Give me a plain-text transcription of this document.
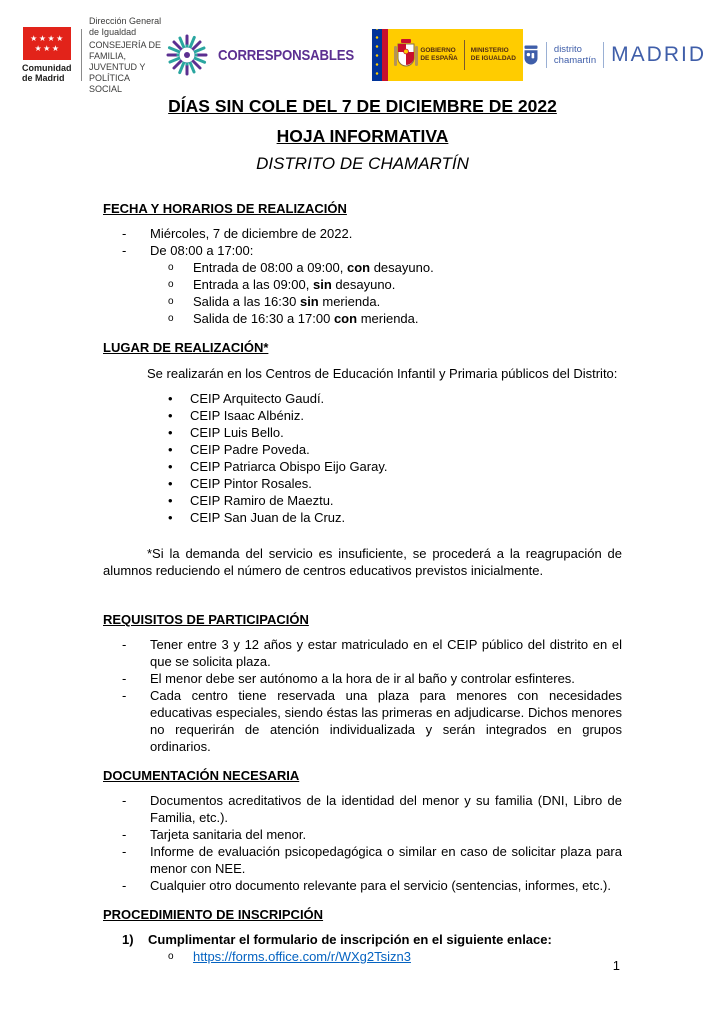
★★★★
★★★
Comunidad
de Madrid
Dirección General de Igualdad
CONSEJERÍA DE FAMILIA,
JUVENTUD Y POLÍTICA SOCIAL
CORRESPONSABLES	GOBIERNO
DE ESPAÑA
MINISTERIO
DE IGUALDAD
distrito
chamartín MADRID
DÍAS SIN COLE DEL 7 DE DICIEMBRE DE 2022
HOJA INFORMATIVA
DISTRITO DE CHAMARTÍN
FECHA Y HORARIOS DE REALIZACIÓN
-	Miércoles, 7 de diciembre de 2022.
-	De 08:00 a 17:00:
o	Entrada de 08:00 a 09:00, con desayuno.
o	Entrada a las 09:00, sin desayuno.
o	Salida a las 16:30 sin merienda.
o	Salida de 16:30 a 17:00 con merienda.
LUGAR DE REALIZACIÓN*
Se realizarán en los Centros de Educación Infantil y Primaria públicos del Distrito:
•	CEIP Arquitecto Gaudí.
•	CEIP Isaac Albéniz.
•	CEIP Luis Bello.
•	CEIP Padre Poveda.
•	CEIP Patriarca Obispo Eijo Garay.
•	CEIP Pintor Rosales.
•	CEIP Ramiro de Maeztu.
•	CEIP San Juan de la Cruz.
*Si la demanda del servicio es insuficiente, se procederá a la reagrupación de alumnos reduciendo el número de centros educativos previstos inicialmente.
REQUISITOS DE PARTICIPACIÓN
-	Tener entre 3 y 12 años y estar matriculado en el CEIP público del distrito en el que se solicita plaza.
-	El menor debe ser autónomo a la hora de ir al baño y controlar esfinteres.
-	Cada centro tiene reservada una plaza para menores con necesidades educativas especiales, siendo éstas las primeras en adjudicarse. Dichos menores no requerirán de atención individualizada y serán integrados en grupos ordinarios.
DOCUMENTACIÓN NECESARIA
-	Documentos acreditativos de la identidad del menor y su familia (DNI, Libro de Familia, etc.).
-	Tarjeta sanitaria del menor.
-	Informe de evaluación psicopedagógica o similar en caso de solicitar plaza para menor con NEE.
-	Cualquier otro documento relevante para el servicio (sentencias, informes, etc.).
PROCEDIMIENTO DE INSCRIPCIÓN
1)	Cumplimentar el formulario de inscripción en el siguiente enlace:
o	https://forms.office.com/r/WXg2Tsizn3
1
